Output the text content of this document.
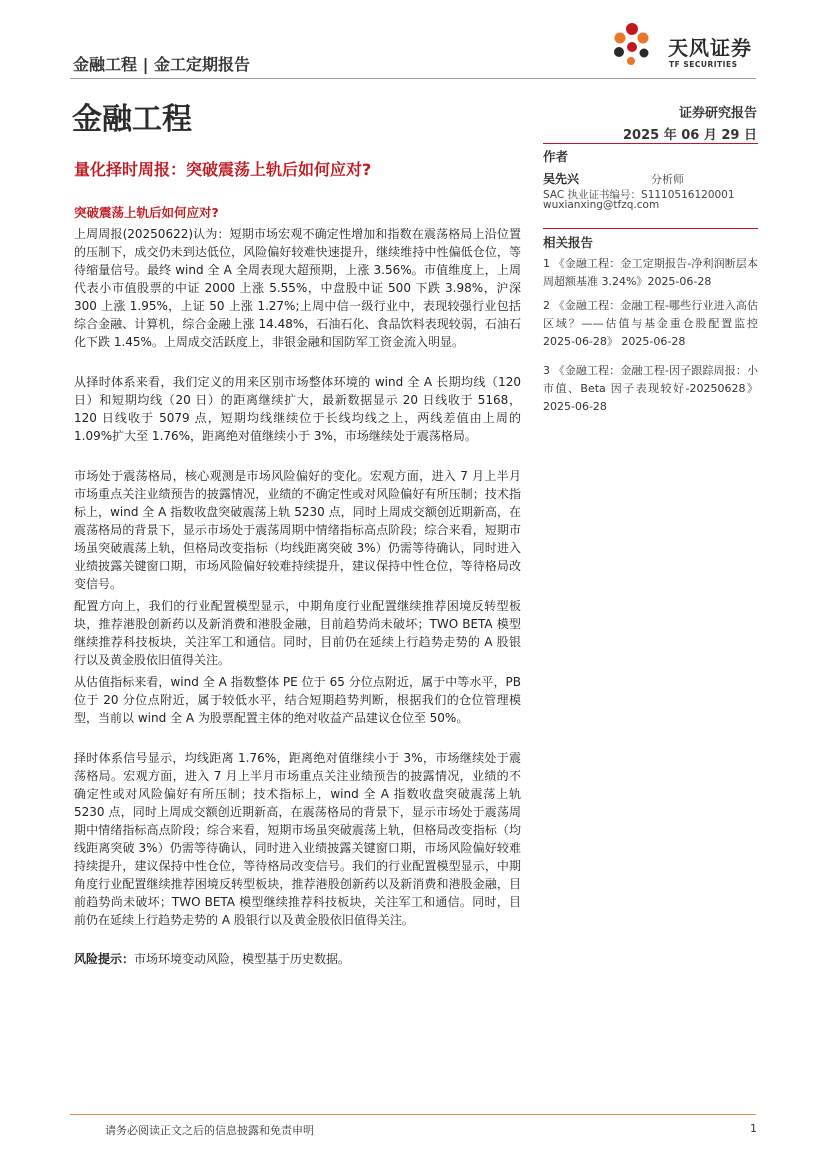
天风证券
TF SECURITIES
金融工程 | 金工定期报告
金融工程	证券研究报告
2025 年 06 月 29 日
量化择时周报：突破震荡上轨后如何应对?
突破震荡上轨后如何应对?
上周周报(20250622)认为：短期市场宏观不确定性增加和指数在震荡格局上沿位置的压制下，成交仍未到达低位，风险偏好较难快速提升，继续维持中性偏低仓位，等待缩量信号。最终 wind 全 A 全周表现大超预期，上涨 3.56%。市值维度上，上周代表小市值股票的中证 2000 上涨 5.55%，中盘股中证 500 下跌 3.98%，沪深 300 上涨 1.95%，上证 50 上涨 1.27%;上周中信一级行业中，表现较强行业包括综合金融、计算机，综合金融上涨 14.48%，石油石化、食品饮料表现较弱，石油石化下跌 1.45%。上周成交活跃度上，非银金融和国防军工资金流入明显。
从择时体系来看，我们定义的用来区别市场整体环境的 wind 全 A 长期均线（120 日）和短期均线（20 日）的距离继续扩大，最新数据显示 20 日线收于 5168，120 日线收于 5079 点，短期均线继续位于长线均线之上，两线差值由上周的 1.09%扩大至 1.76%，距离绝对值继续小于 3%，市场继续处于震荡格局。
市场处于震荡格局，核心观测是市场风险偏好的变化。宏观方面，进入 7 月上半月市场重点关注业绩预告的披露情况，业绩的不确定性或对风险偏好有所压制；技术指标上，wind 全 A 指数收盘突破震荡上轨 5230 点，同时上周成交额创近期新高，在震荡格局的背景下，显示市场处于震荡周期中情绪指标高点阶段；综合来看，短期市场虽突破震荡上轨，但格局改变指标（均线距离突破 3%）仍需等待确认，同时进入业绩披露关键窗口期，市场风险偏好较难持续提升，建议保持中性仓位，等待格局改变信号。
配置方向上，我们的行业配置模型显示，中期角度行业配置继续推荐困境反转型板块，推荐港股创新药以及新消费和港股金融，目前趋势尚未破坏；TWO BETA 模型继续推荐科技板块，关注军工和通信。同时，目前仍在延续上行趋势走势的 A 股银行以及黄金股依旧值得关注。
从估值指标来看，wind 全 A 指数整体 PE 位于 65 分位点附近，属于中等水平，PB 位于 20 分位点附近，属于较低水平，结合短期趋势判断，根据我们的仓位管理模型，当前以 wind 全 A 为股票配置主体的绝对收益产品建议仓位至 50%。
择时体系信号显示，均线距离 1.76%，距离绝对值继续小于 3%，市场继续处于震荡格局。宏观方面，进入 7 月上半月市场重点关注业绩预告的披露情况，业绩的不确定性或对风险偏好有所压制；技术指标上，wind 全 A 指数收盘突破震荡上轨 5230 点，同时上周成交额创近期新高，在震荡格局的背景下，显示市场处于震荡周期中情绪指标高点阶段；综合来看，短期市场虽突破震荡上轨，但格局改变指标（均线距离突破 3%）仍需等待确认，同时进入业绩披露关键窗口期，市场风险偏好较难持续提升，建议保持中性仓位，等待格局改变信号。我们的行业配置模型显示，中期角度行业配置继续推荐困境反转型板块，推荐港股创新药以及新消费和港股金融，目前趋势尚未破坏；TWO BETA 模型继续推荐科技板块，关注军工和通信。同时，目前仍在延续上行趋势走势的 A 股银行以及黄金股依旧值得关注。
风险提示：市场环境变动风险，模型基于历史数据。
作者
吴先兴	分析师
SAC 执业证书编号：S1110516120001
wuxianxing@tfzq.com
相关报告
1 《金融工程：金工定期报告-净利润断层本周超额基准 3.24%》2025-06-28
2 《金融工程：金融工程-哪些行业进入高估区域？——估值与基金重仓股配置监控 2025-06-28》 2025-06-28
3 《金融工程：金融工程-因子跟踪周报：小市值、Beta 因子表现较好-20250628》 2025-06-28
请务必阅读正文之后的信息披露和免责申明	1
